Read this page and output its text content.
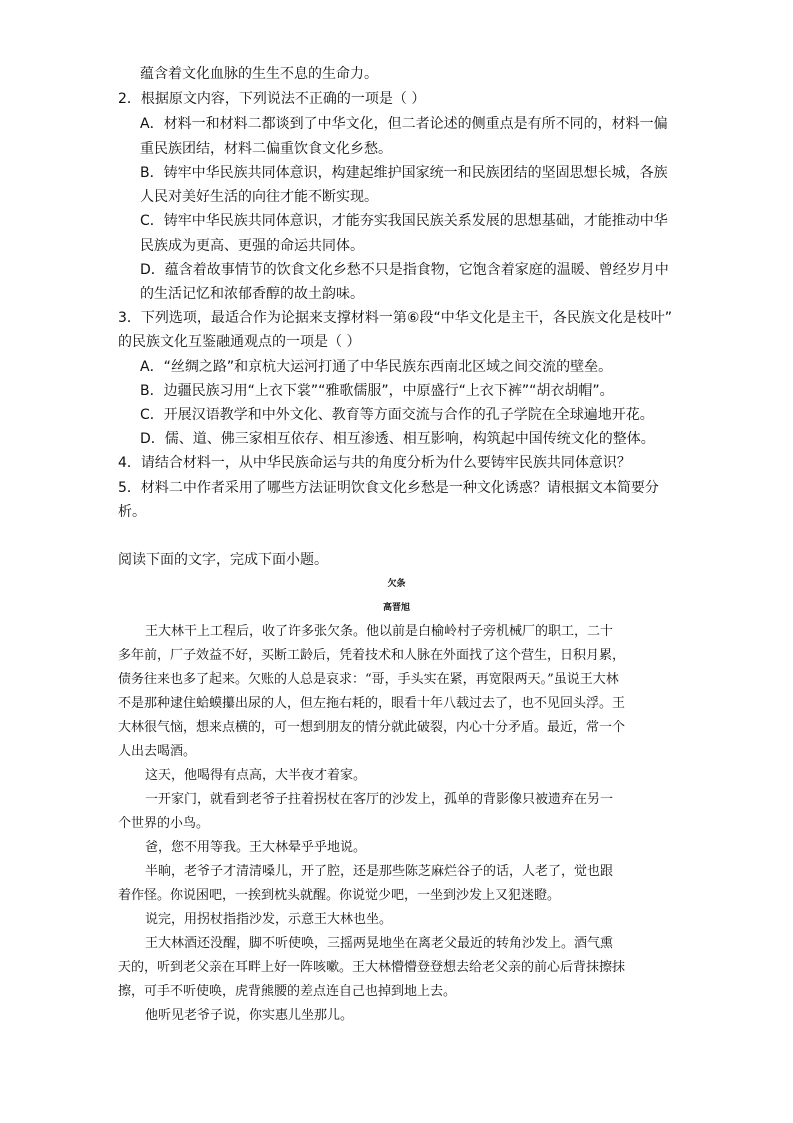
蕴含着文化血脉的生生不息的生命力。
2．根据原文内容，下列说法不正确的一项是（ ）
A．材料一和材料二都谈到了中华文化，但二者论述的侧重点是有所不同的，材料一偏
重民族团结，材料二偏重饮食文化乡愁。
B．铸牢中华民族共同体意识，构建起维护国家统一和民族团结的坚固思想长城，各族
人民对美好生活的向往才能不断实现。
C．铸牢中华民族共同体意识，才能夯实我国民族关系发展的思想基础，才能推动中华
民族成为更高、更强的命运共同体。
D．蕴含着故事情节的饮食文化乡愁不只是指食物，它饱含着家庭的温暖、曾经岁月中
的生活记忆和浓郁香醇的故土韵味。
3．下列选项，最适合作为论据来支撑材料一第⑥段“中华文化是主干，各民族文化是枝叶”
的民族文化互鉴融通观点的一项是（ ）
A．“丝绸之路”和京杭大运河打通了中华民族东西南北区域之间交流的壁垒。
B．边疆民族习用“上衣下裳”“雅歌儒服”，中原盛行“上衣下裤”“胡衣胡帽”。
C．开展汉语教学和中外文化、教育等方面交流与合作的孔子学院在全球遍地开花。
D．儒、道、佛三家相互依存、相互渗透、相互影响，构筑起中国传统文化的整体。
4．请结合材料一，从中华民族命运与共的角度分析为什么要铸牢民族共同体意识？
5．材料二中作者采用了哪些方法证明饮食文化乡愁是一种文化诱惑？请根据文本简要分
析。
阅读下面的文字，完成下面小题。
欠条
高晋旭
王大林干上工程后，收了许多张欠条。他以前是白榆岭村子旁机械厂的职工，二十
多年前，厂子效益不好，买断工龄后，凭着技术和人脉在外面找了这个营生，日积月累，
债务往来也多了起来。欠账的人总是哀求：“哥，手头实在紧，再宽限两天。”虽说王大林
不是那种逮住蛤蟆攥出尿的人，但左拖右耗的，眼看十年八载过去了，也不见回头浮。王
大林很气恼，想来点横的，可一想到朋友的情分就此破裂，内心十分矛盾。最近，常一个
人出去喝酒。
这天，他喝得有点高，大半夜才着家。
一开家门，就看到老爷子拄着拐杖在客厅的沙发上，孤单的背影像只被遗弃在另一
个世界的小鸟。
爸，您不用等我。王大林晕乎乎地说。
半晌，老爷子才清清嗓儿，开了腔，还是那些陈芝麻烂谷子的话，人老了，觉也跟
着作怪。你说困吧，一挨到枕头就醒。你说觉少吧，一坐到沙发上又犯迷瞪。
说完，用拐杖指指沙发，示意王大林也坐。
王大林酒还没醒，脚不听使唤，三摇两晃地坐在离老父最近的转角沙发上。酒气熏
天的，听到老父亲在耳畔上好一阵咳嗽。王大林懵懵登登想去给老父亲的前心后背抹擦抹
擦，可手不听使唤，虎背熊腰的差点连自己也掉到地上去。
他听见老爷子说，你实惠儿坐那儿。
